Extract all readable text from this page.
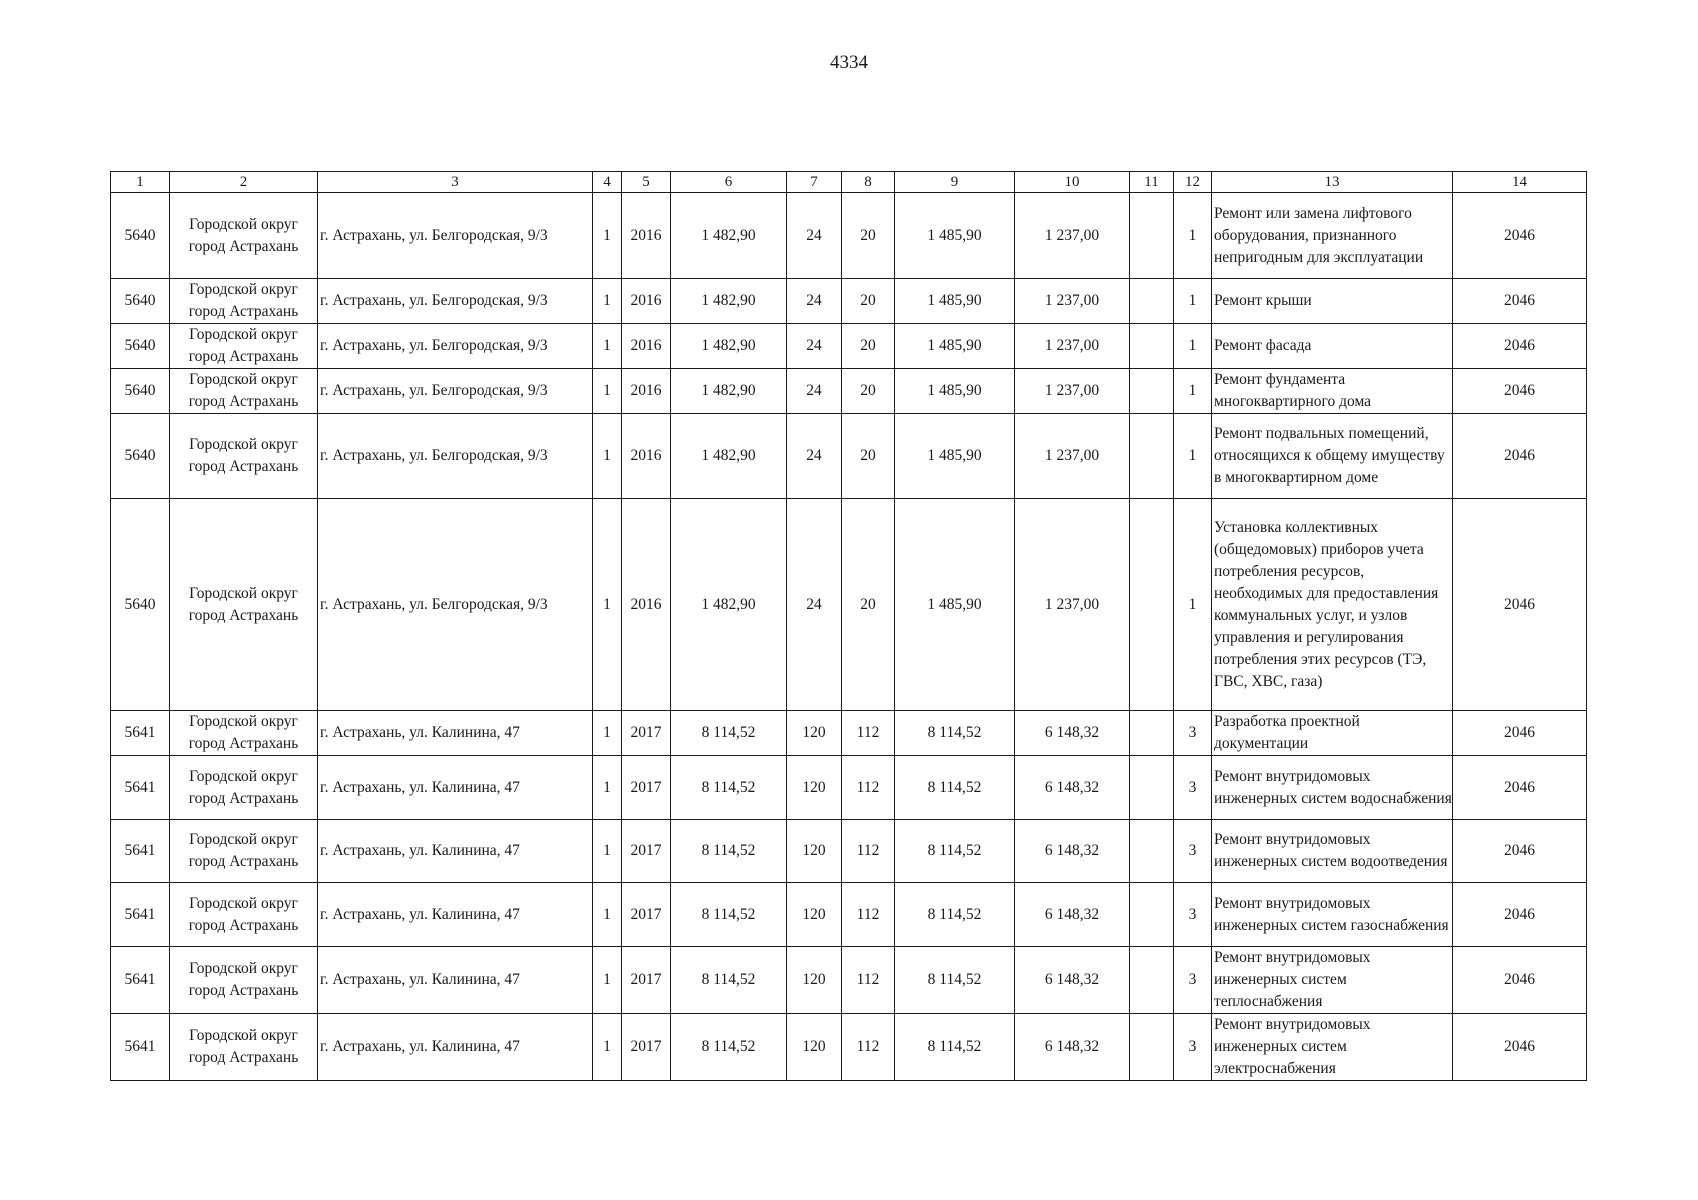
4334
1	2	3	4	5	6	7	8	9	10	11	12	13	14
5640	Городской округ город Астрахань	г. Астрахань, ул. Белгородская, 9/3	1	2016	1 482,90	24	20	1 485,90	1 237,00		1	Ремонт или замена лифтового оборудования, признанного непригодным для эксплуатации	2046
5640	Городской округ город Астрахань	г. Астрахань, ул. Белгородская, 9/3	1	2016	1 482,90	24	20	1 485,90	1 237,00		1	Ремонт крыши	2046
5640	Городской округ город Астрахань	г. Астрахань, ул. Белгородская, 9/3	1	2016	1 482,90	24	20	1 485,90	1 237,00		1	Ремонт фасада	2046
5640	Городской округ город Астрахань	г. Астрахань, ул. Белгородская, 9/3	1	2016	1 482,90	24	20	1 485,90	1 237,00		1	Ремонт фундамента многоквартирного дома	2046
5640	Городской округ город Астрахань	г. Астрахань, ул. Белгородская, 9/3	1	2016	1 482,90	24	20	1 485,90	1 237,00		1	Ремонт подвальных помещений, относящихся к общему имуществу в многоквартирном доме	2046
5640	Городской округ город Астрахань	г. Астрахань, ул. Белгородская, 9/3	1	2016	1 482,90	24	20	1 485,90	1 237,00		1	Установка коллективных (общедомовых) приборов учета потребления ресурсов, необходимых для предоставления коммунальных услуг, и узлов управления и регулирования потребления этих ресурсов (ТЭ, ГВС, ХВС, газа)	2046
5641	Городской округ город Астрахань	г. Астрахань, ул. Калинина, 47	1	2017	8 114,52	120	112	8 114,52	6 148,32		3	Разработка проектной документации	2046
5641	Городской округ город Астрахань	г. Астрахань, ул. Калинина, 47	1	2017	8 114,52	120	112	8 114,52	6 148,32		3	Ремонт внутридомовых инженерных систем водоснабжения	2046
5641	Городской округ город Астрахань	г. Астрахань, ул. Калинина, 47	1	2017	8 114,52	120	112	8 114,52	6 148,32		3	Ремонт внутридомовых инженерных систем водоотведения	2046
5641	Городской округ город Астрахань	г. Астрахань, ул. Калинина, 47	1	2017	8 114,52	120	112	8 114,52	6 148,32		3	Ремонт внутридомовых инженерных систем газоснабжения	2046
5641	Городской округ город Астрахань	г. Астрахань, ул. Калинина, 47	1	2017	8 114,52	120	112	8 114,52	6 148,32		3	Ремонт внутридомовых инженерных систем теплоснабжения	2046
5641	Городской округ город Астрахань	г. Астрахань, ул. Калинина, 47	1	2017	8 114,52	120	112	8 114,52	6 148,32		3	Ремонт внутридомовых инженерных систем электроснабжения	2046
